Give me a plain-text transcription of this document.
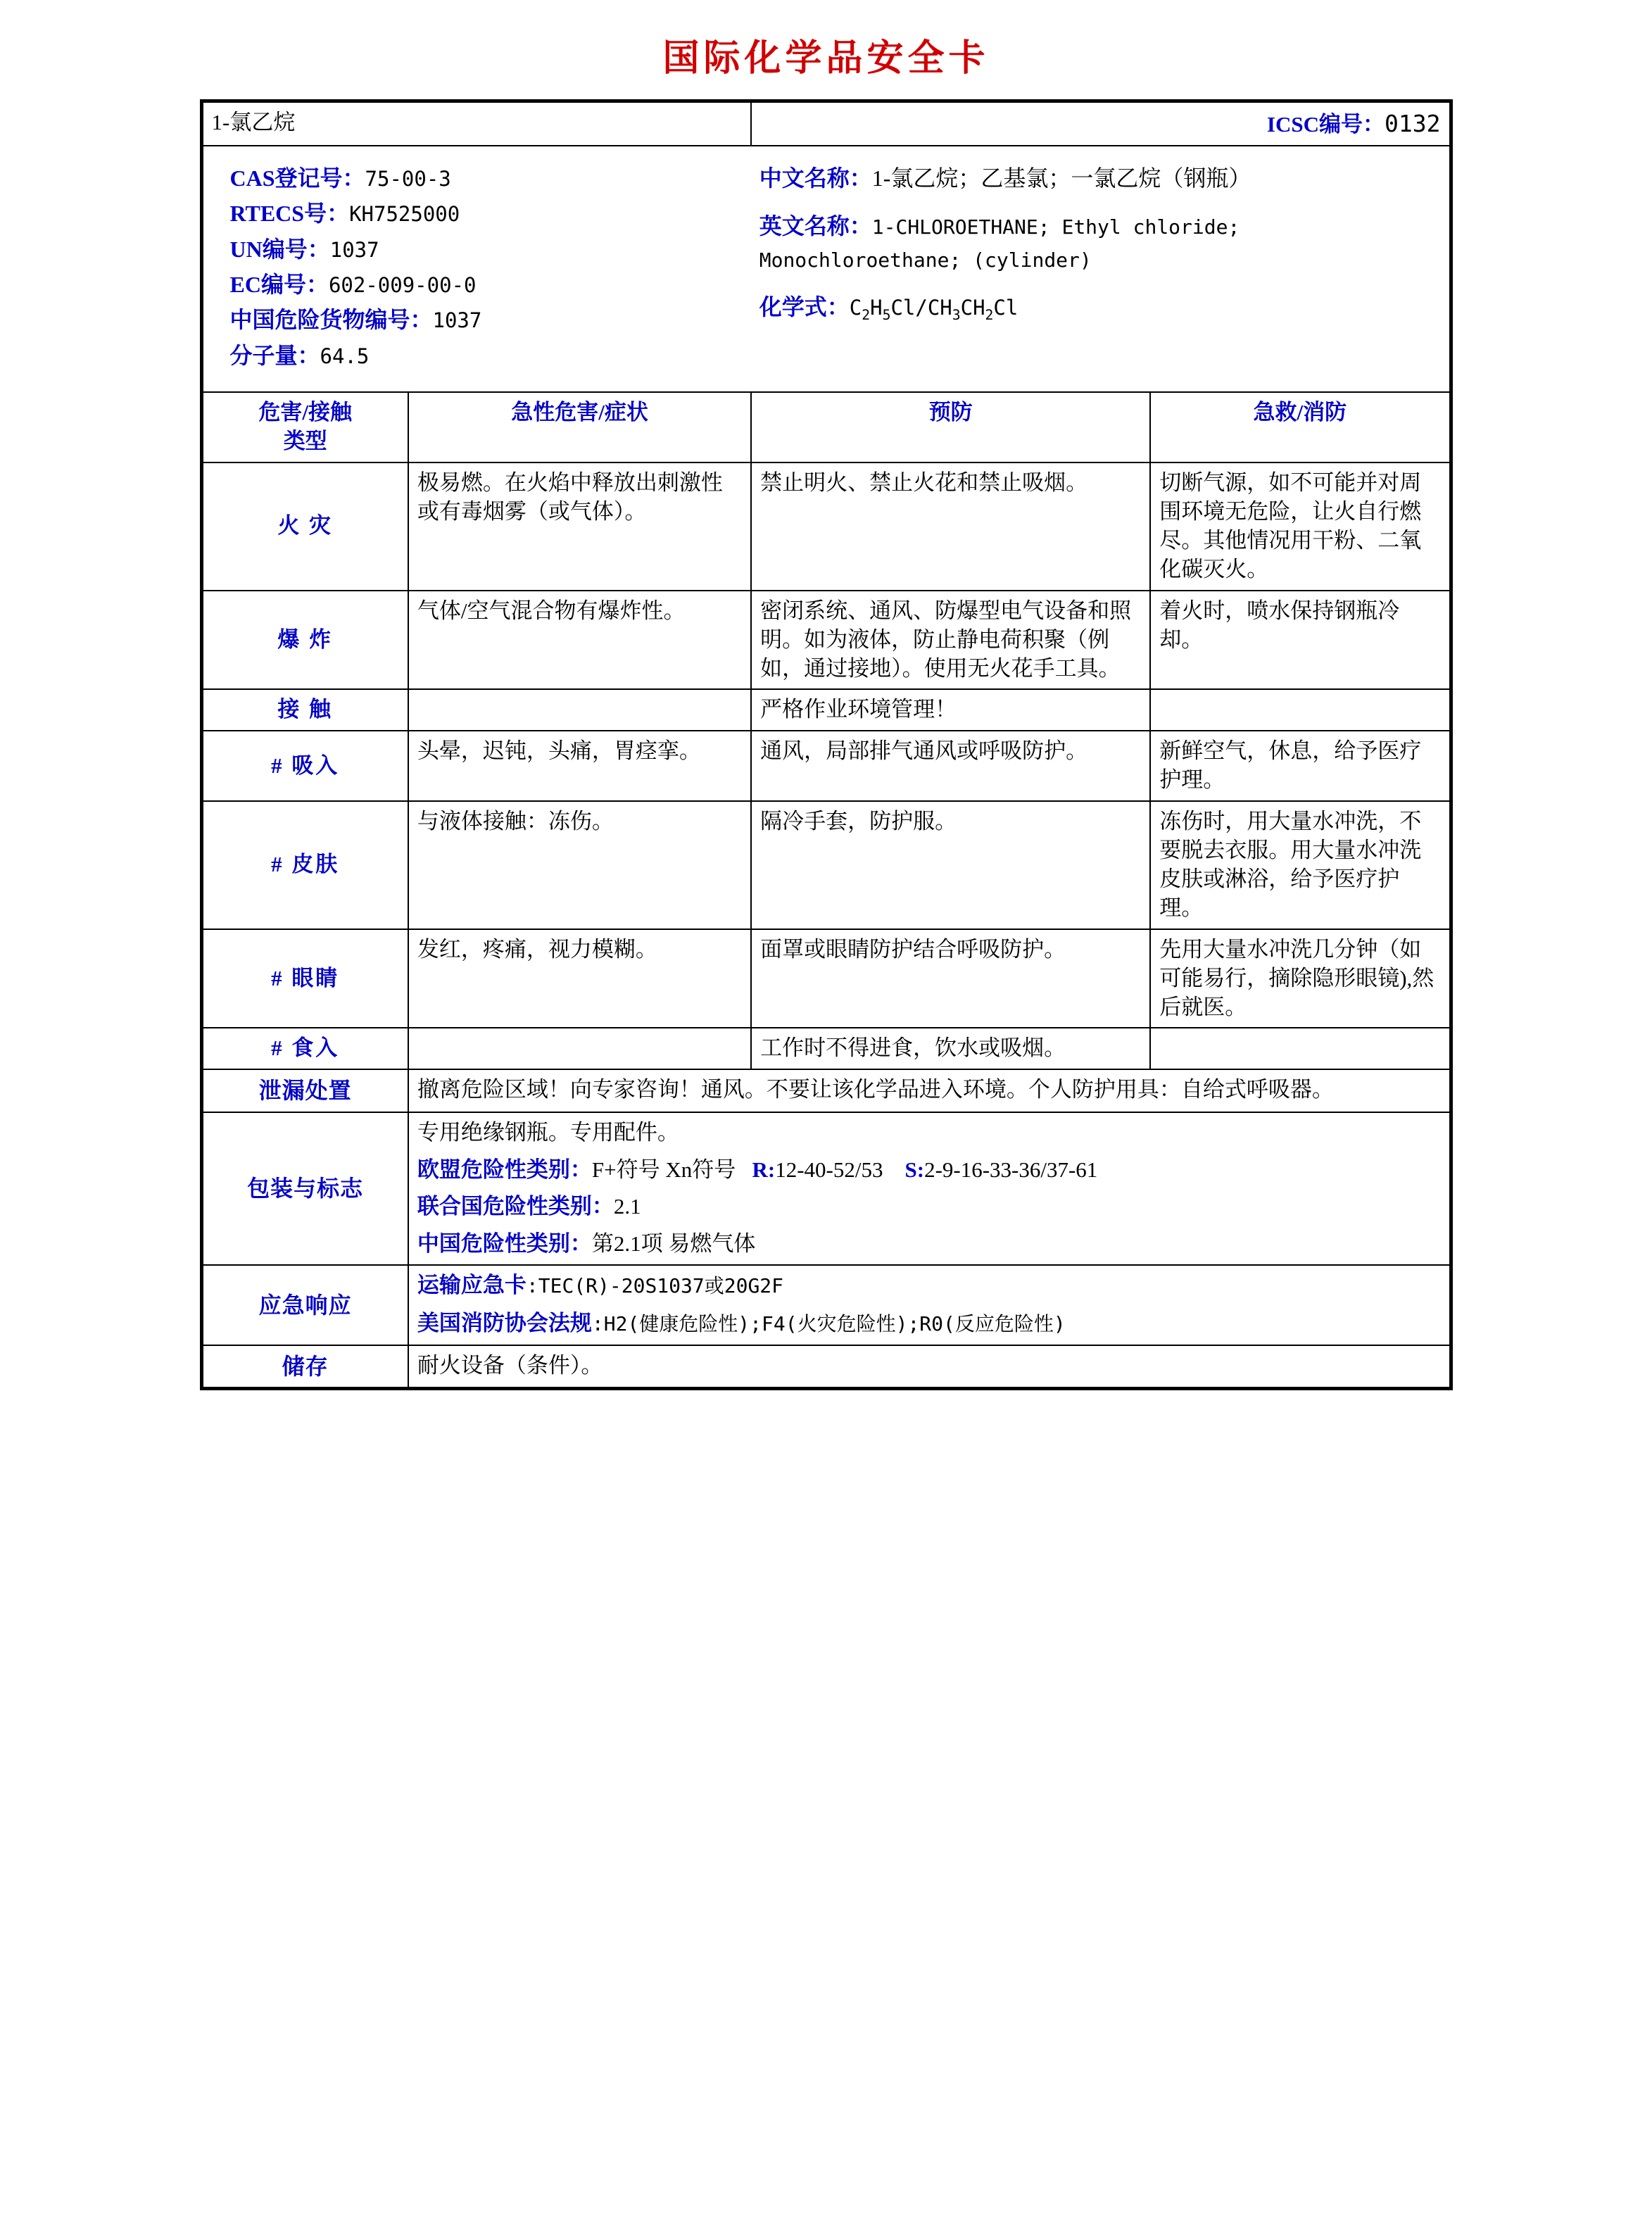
国际化学品安全卡
1-氯乙烷		ICSC编号：0132	

CAS登记号：75-00-3
RTECS号：KH7525000
UN编号：1037
EC编号：602-009-00-0
中国危险货物编号：1037
分子量：64.5
中文名称：1-氯乙烷；乙基氯；一氯乙烷（钢瓶）
英文名称：1-CHLOROETHANE; Ethyl chloride; Monochloroethane; (cylinder)
化学式：$C_2H_5Cl/CH_3CH_2Cl$

危害/接触
类型	急性危害/症状	预防	急救/消防
火 灾	极易燃。在火焰中释放出刺激性或有毒烟雾（或气体）。	禁止明火、禁止火花和禁止吸烟。	切断气源，如不可能并对周围环境无危险，让火自行燃尽。其他情况用干粉、二氧化碳灭火。
爆 炸	气体/空气混合物有爆炸性。	密闭系统、通风、防爆型电气设备和照明。如为液体，防止静电荷积聚（例如，通过接地）。使用无火花手工具。	着火时，喷水保持钢瓶冷却。
接 触		严格作业环境管理！	
# 吸入	头晕，迟钝，头痛，胃痉挛。	通风，局部排气通风或呼吸防护。	新鲜空气，休息，给予医疗护理。
# 皮肤	与液体接触：冻伤。	隔冷手套，防护服。	冻伤时，用大量水冲洗，不要脱去衣服。用大量水冲洗皮肤或淋浴，给予医疗护理。
# 眼睛	发红，疼痛，视力模糊。	面罩或眼睛防护结合呼吸防护。	先用大量水冲洗几分钟（如可能易行，摘除隐形眼镜),然后就医。
# 食入		工作时不得进食，饮水或吸烟。	
泄漏处置	撤离危险区域！向专家咨询！通风。不要让该化学品进入环境。个人防护用具：自给式呼吸器。		
包装与标志	专用绝缘钢瓶。专用配件。
欧盟危险性类别：F+符号 Xn符号 R:12-40-52/53 S:2-9-16-33-36/37-61
联合国危险性类别：2.1
中国危险性类别：第2.1项 易燃气体		

应急响应	运输应急卡:TEC(R)-20S1037或20G2F
美国消防协会法规:H2(健康危险性);F4(火灾危险性);R0(反应危险性)		

储存	耐火设备（条件）。		
